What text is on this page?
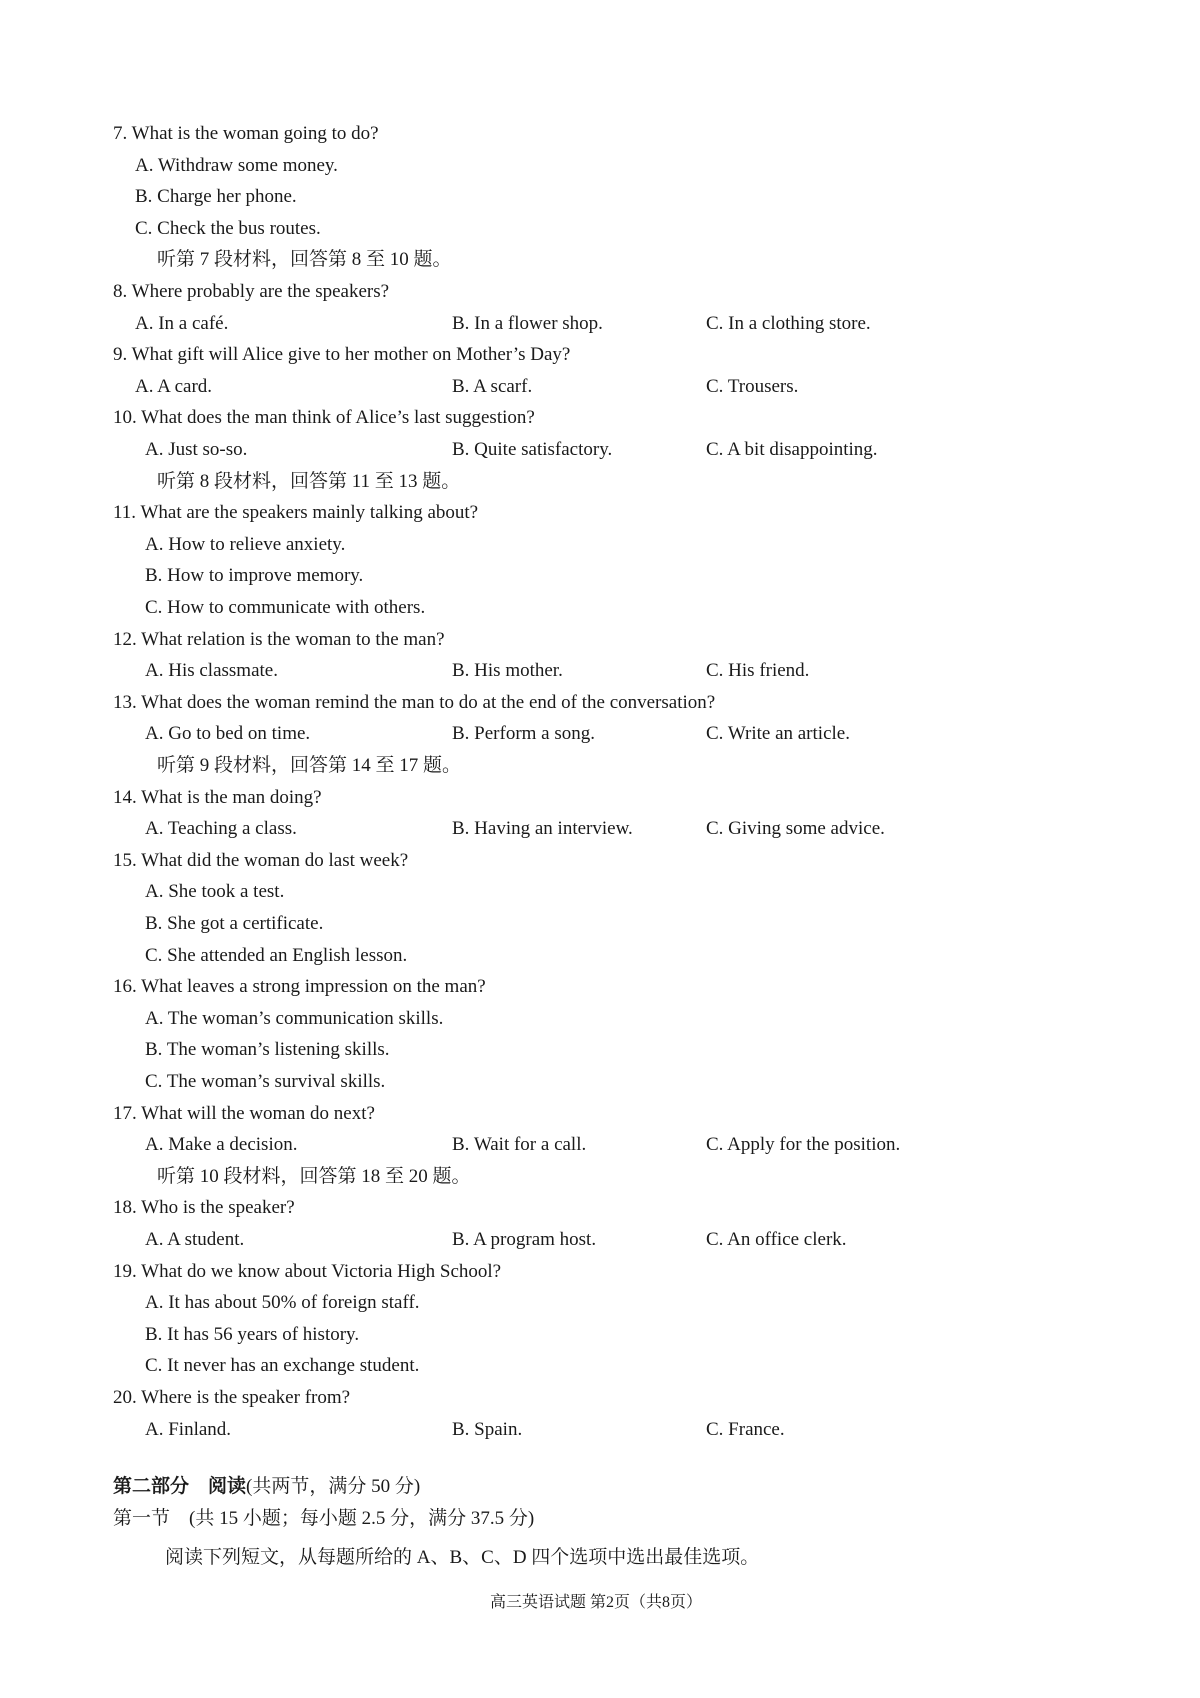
7. What is the woman going to do?
A. Withdraw some money.
B. Charge her phone.
C. Check the bus routes.
听第 7 段材料，回答第 8 至 10 题。
8. Where probably are the speakers?
A. In a café.	B. In a flower shop.	C. In a clothing store.
9. What gift will Alice give to her mother on Mother’s Day?
A. A card.	B. A scarf.	C. Trousers.
10. What does the man think of Alice’s last suggestion?
A. Just so-so.	B. Quite satisfactory.	C. A bit disappointing.
听第 8 段材料，回答第 11 至 13 题。
11. What are the speakers mainly talking about?
A. How to relieve anxiety.
B. How to improve memory.
C. How to communicate with others.
12. What relation is the woman to the man?
A. His classmate.	B. His mother.	C. His friend.
13. What does the woman remind the man to do at the end of the conversation?
A. Go to bed on time.	B. Perform a song.	C. Write an article.
听第 9 段材料，回答第 14 至 17 题。
14. What is the man doing?
A. Teaching a class.	B. Having an interview.	C. Giving some advice.
15. What did the woman do last week?
A. She took a test.
B. She got a certificate.
C. She attended an English lesson.
16. What leaves a strong impression on the man?
A. The woman’s communication skills.
B. The woman’s listening skills.
C. The woman’s survival skills.
17. What will the woman do next?
A. Make a decision.	B. Wait for a call.	C. Apply for the position.
听第 10 段材料，回答第 18 至 20 题。
18. Who is the speaker?
A. A student.	B. A program host.	C. An office clerk.
19. What do we know about Victoria High School?
A. It has about 50% of foreign staff.
B. It has 56 years of history.
C. It never has an exchange student.
20. Where is the speaker from?
A. Finland.	B. Spain.	C. France.
第二部分　阅读(共两节，满分 50 分)
第一节　(共 15 小题；每小题 2.5 分，满分 37.5 分)
阅读下列短文，从每题所给的 A、B、C、D 四个选项中选出最佳选项。
高三英语试题 第2页（共8页）
